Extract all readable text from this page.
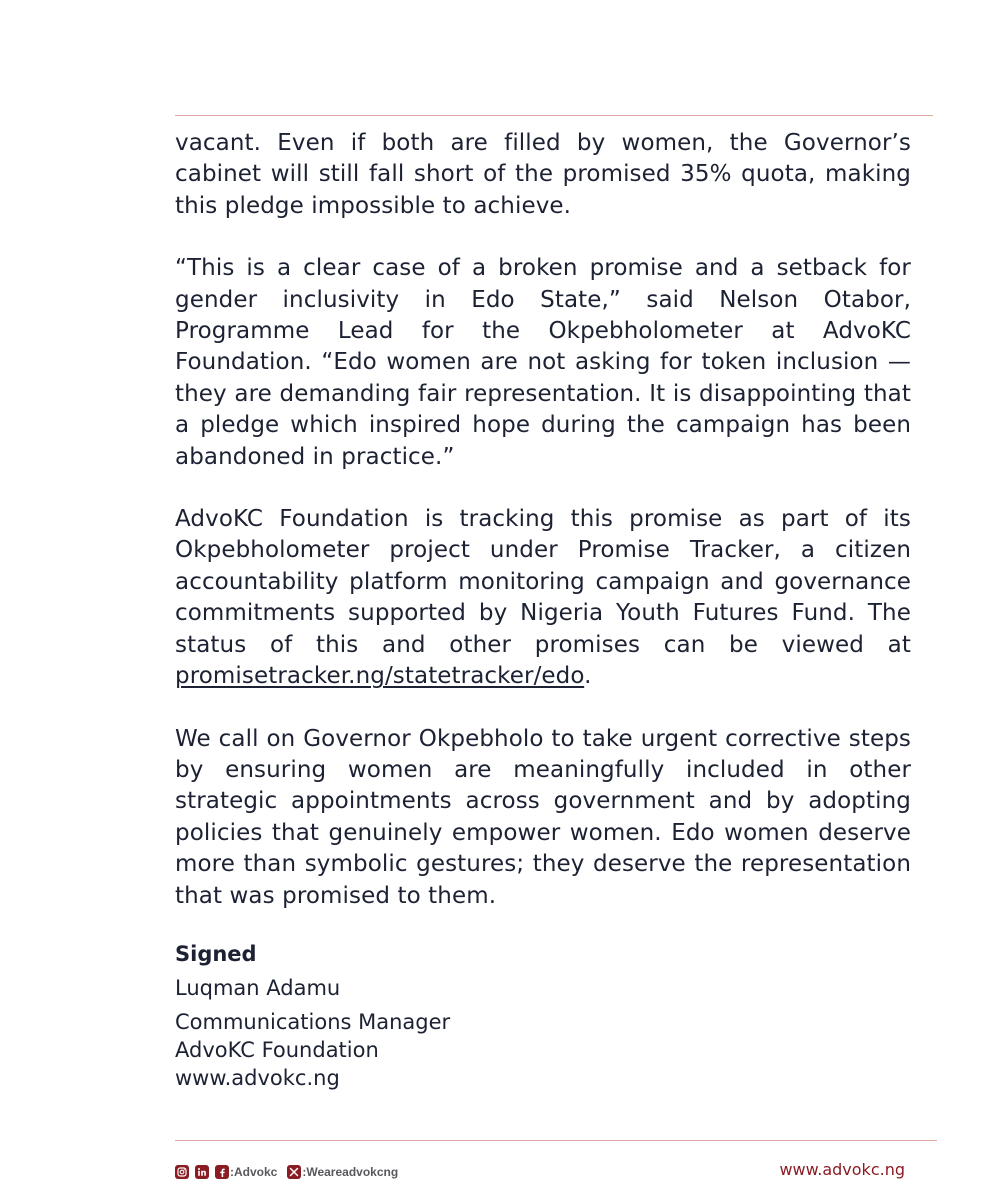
vacant. Even if both are filled by women, the Governor’s cabinet will still fall short of the promised 35% quota, making this pledge impossible to achieve.

“This is a clear case of a broken promise and a setback for gender inclusivity in Edo State,” said Nelson Otabor, Programme Lead for the Okpebholometer at AdvoKC Foundation. “Edo women are not asking for token inclusion — they are demanding fair representation. It is disappointing that a pledge which inspired hope during the campaign has been abandoned in practice.”

AdvoKC Foundation is tracking this promise as part of its Okpebholometer project under Promise Tracker, a citizen accountability platform monitoring campaign and governance commitments supported by Nigeria Youth Futures Fund. The status of this and other promises can be viewed at promisetracker.ng/statetracker/edo.

We call on Governor Okpebholo to take urgent corrective steps by ensuring women are meaningfully included in other strategic appointments across government and by adopting policies that genuinely empower women. Edo women deserve more than symbolic gestures; they deserve the representation that was promised to them.

Signed

Luqman Adamu

Communications Manager

AdvoKC Foundation

www.advokc.ng

:Advokc :Weareadvokcng	www.advokc.ng
